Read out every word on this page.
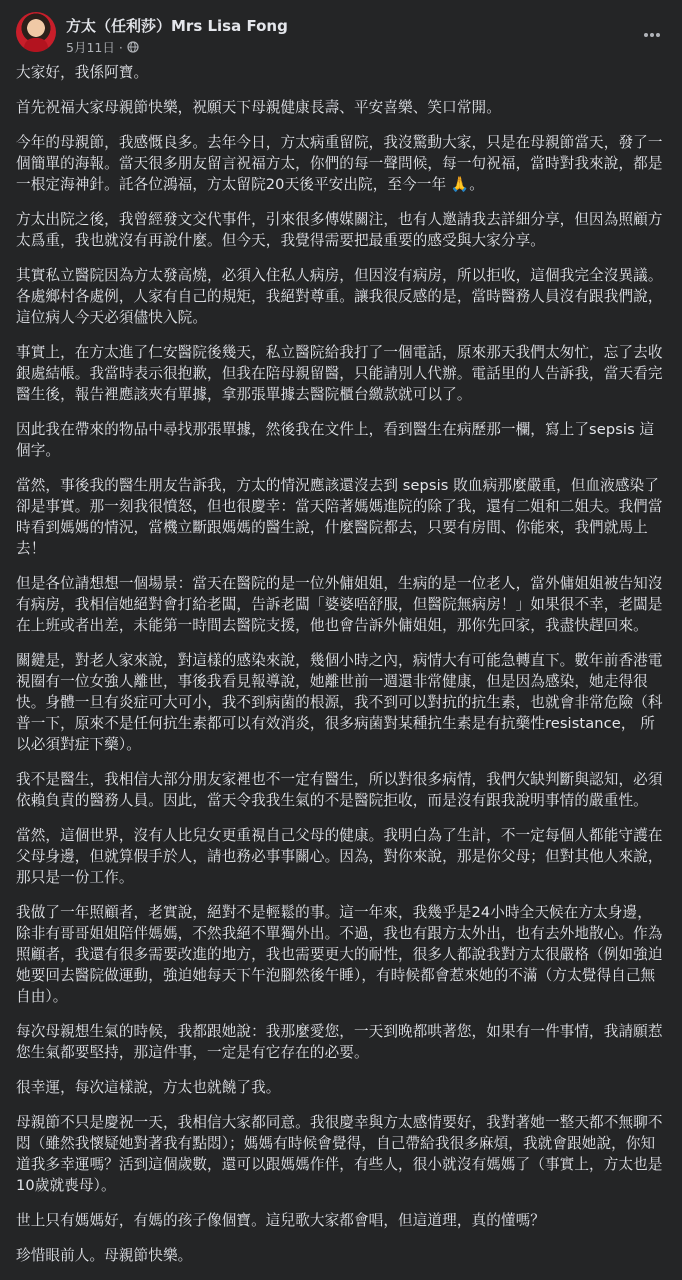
方太（任利莎）Mrs Lisa Fong
5月11日 ·

大家好，我係阿寶。

首先祝福大家母親節快樂，祝願天下母親健康長壽、平安喜樂、笑口常開。

今年的母親節，我感慨良多。去年今日，方太病重留院，我沒驚動大家，只是在母親節當天，發了一個簡單的海報。當天很多朋友留言祝福方太，你們的每一聲問候，每一句祝福，當時對我來說，都是一根定海神針。託各位鴻福，方太留院20天後平安出院，至今一年 🙏。

方太出院之後，我曾經發文交代事件，引來很多傳媒關注，也有人邀請我去詳細分享，但因為照顧方太爲重，我也就沒有再說什麼。但今天，我覺得需要把最重要的感受與大家分享。

其實私立醫院因為方太發高燒，必須入住私人病房，但因沒有病房，所以拒收，這個我完全沒異議。各處鄉村各處例，人家有自己的規矩，我絕對尊重。讓我很反感的是，當時醫務人員沒有跟我們說，這位病人今天必須儘快入院。

事實上，在方太進了仁安醫院後幾天，私立醫院給我打了一個電話，原來那天我們太匆忙，忘了去收銀處結帳。我當時表示很抱歉，但我在陪母親留醫，只能請別人代辦。電話里的人告訴我，當天看完醫生後，報告裡應該夾有單據，拿那張單據去醫院櫃台繳款就可以了。

因此我在帶來的物品中尋找那張單據，然後我在文件上，看到醫生在病歷那一欄，寫上了sepsis 這個字。

當然，事後我的醫生朋友告訴我，方太的情況應該還沒去到 sepsis 敗血病那麼嚴重，但血液感染了卻是事實。那一刻我很憤怒，但也很慶幸：當天陪著媽媽進院的除了我，還有二姐和二姐夫。我們當時看到媽媽的情況，當機立斷跟媽媽的醫生說，什麼醫院都去，只要有房間、你能來，我們就馬上去！

但是各位請想想一個場景：當天在醫院的是一位外傭姐姐，生病的是一位老人，當外傭姐姐被告知沒有病房，我相信她絕對會打給老闆，告訴老闆「婆婆唔舒服，但醫院無病房！」如果很不幸，老闆是在上班或者出差，未能第一時間去醫院支援，他也會告訴外傭姐姐，那你先回家，我盡快趕回來。

關鍵是，對老人家來說，對這樣的感染來說，幾個小時之內，病情大有可能急轉直下。數年前香港電視圈有一位女強人離世，事後我看見報導說，她離世前一週還非常健康，但是因為感染，她走得很快。身體一旦有炎症可大可小，我不到病菌的根源，我不到可以對抗的抗生素，也就會非常危險（科普一下，原來不是任何抗生素都可以有效消炎，很多病菌對某種抗生素是有抗藥性resistance， 所以必須對症下藥）。

我不是醫生，我相信大部分朋友家裡也不一定有醫生，所以對很多病情，我們欠缺判斷與認知，必須依賴負責的醫務人員。因此，當天令我我生氣的不是醫院拒收，而是沒有跟我說明事情的嚴重性。

當然，這個世界，沒有人比兒女更重視自己父母的健康。我明白為了生計，不一定每個人都能守護在父母身邊，但就算假手於人，請也務必事事關心。因為，對你來說，那是你父母；但對其他人來說，那只是一份工作。

我做了一年照顧者，老實說，絕對不是輕鬆的事。這一年來，我幾乎是24小時全天候在方太身邊，除非有哥哥姐姐陪伴媽媽，不然我絕不單獨外出。不過，我也有跟方太外出，也有去外地散心。作為照顧者，我還有很多需要改進的地方，我也需要更大的耐性，很多人都說我對方太很嚴格（例如強迫她要回去醫院做運動，強迫她每天下午泡腳然後午睡），有時候都會惹來她的不滿（方太覺得自己無自由）。

每次母親想生氣的時候，我都跟她說：我那麼愛您，一天到晚都哄著您，如果有一件事情，我請願惹您生氣都要堅持，那這件事，一定是有它存在的必要。

很幸運，每次這樣說，方太也就饒了我。

母親節不只是慶祝一天，我相信大家都同意。我很慶幸與方太感情要好，我對著她一整天都不無聊不悶（雖然我懷疑她對著我有點悶）；媽媽有時候會覺得，自己帶給我很多麻煩，我就會跟她說，你知道我多幸運嗎？活到這個歲數，還可以跟媽媽作伴，有些人，很小就沒有媽媽了（事實上，方太也是10歲就喪母）。

世上只有媽媽好，有媽的孩子像個寶。這兒歌大家都會唱，但這道理，真的懂嗎？

珍惜眼前人。母親節快樂。
